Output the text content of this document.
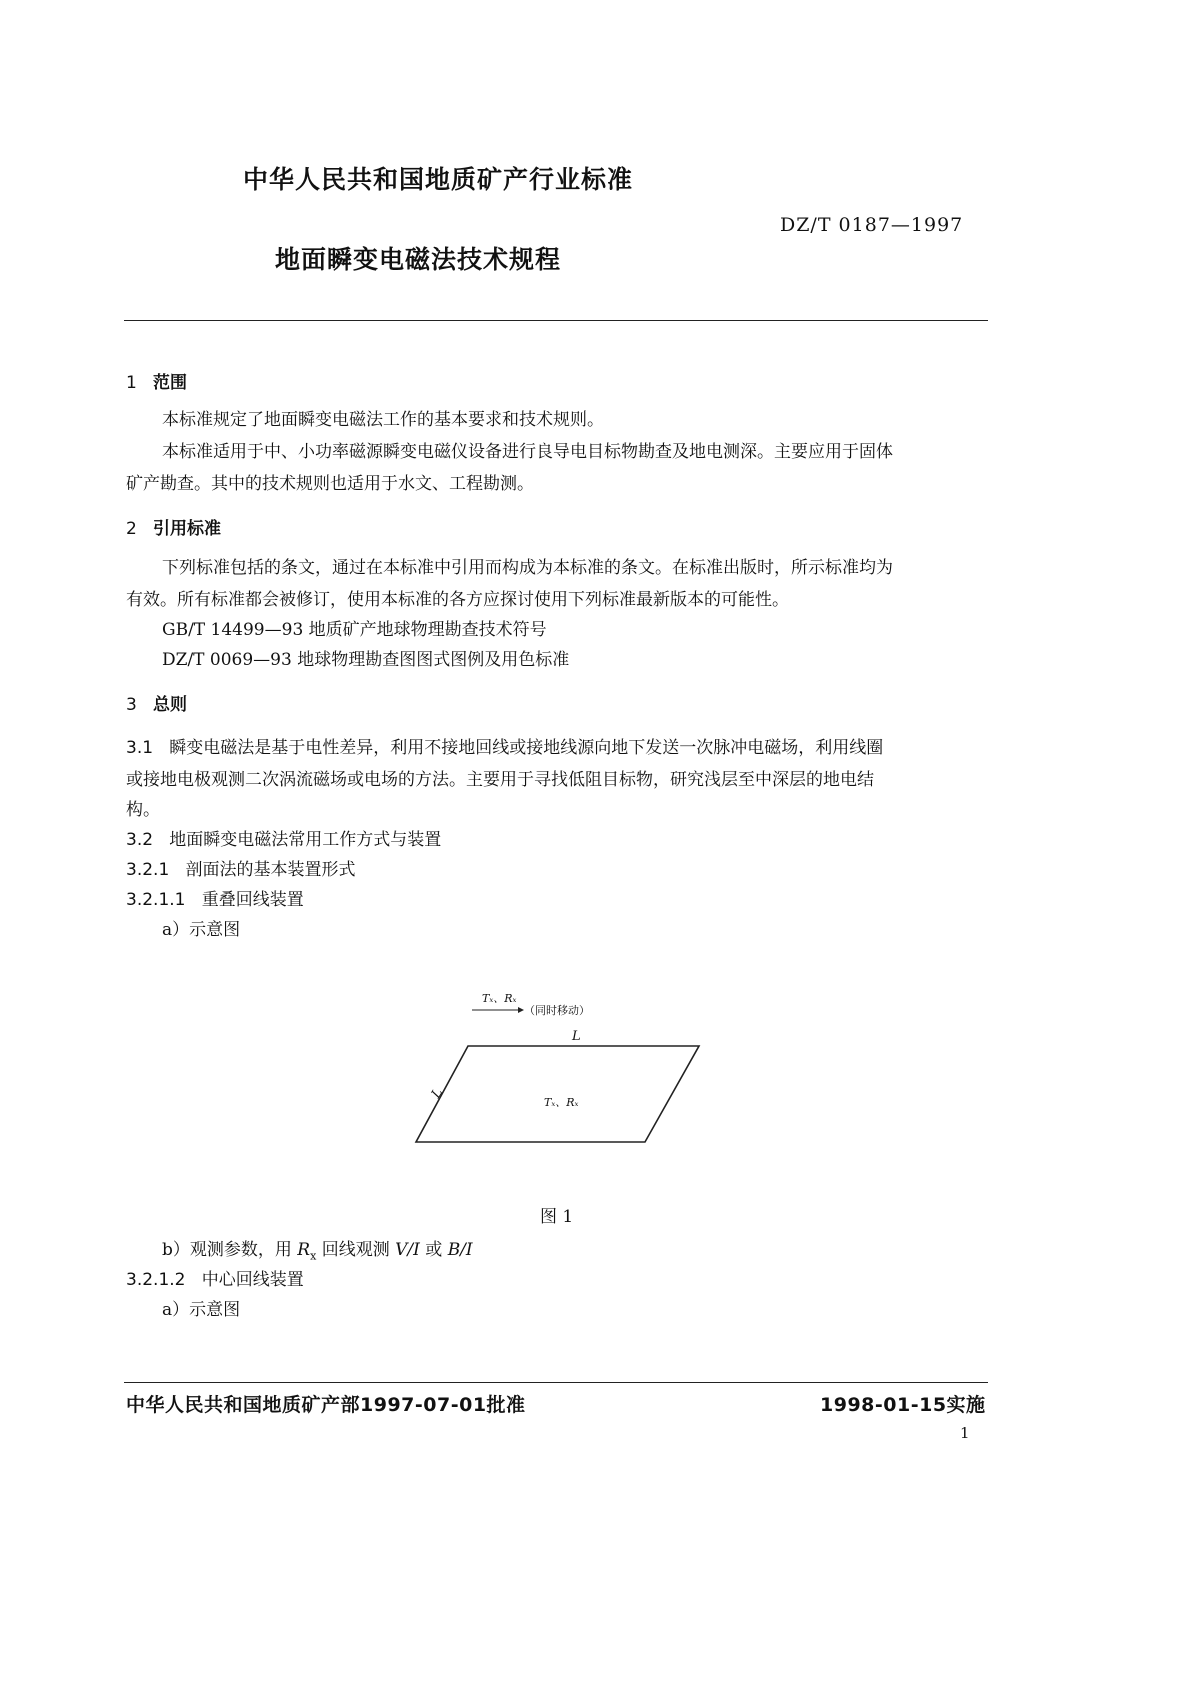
中华人民共和国地质矿产行业标准
DZ/T 0187—1997
地面瞬变电磁法技术规程
1 范围
本标准规定了地面瞬变电磁法工作的基本要求和技术规则。
本标准适用于中、小功率磁源瞬变电磁仪设备进行良导电目标物勘查及地电测深。主要应用于固体
矿产勘查。其中的技术规则也适用于水文、工程勘测。
2 引用标准
下列标准包括的条文，通过在本标准中引用而构成为本标准的条文。在标准出版时，所示标准均为
有效。所有标准都会被修订，使用本标准的各方应探讨使用下列标准最新版本的可能性。
GB/T 14499—93 地质矿产地球物理勘查技术符号
DZ/T 0069—93 地球物理勘查图图式图例及用色标准
3 总则
3.1 瞬变电磁法是基于电性差异，利用不接地回线或接地线源向地下发送一次脉冲电磁场，利用线圈
或接地电极观测二次涡流磁场或电场的方法。主要用于寻找低阻目标物，研究浅层至中深层的地电结
构。
3.2 地面瞬变电磁法常用工作方式与装置
3.2.1 剖面法的基本装置形式
3.2.1.1 重叠回线装置
a）示意图
Tₓ、Rₓ
（同时移动）
L
L
Tₓ、Rₓ
图 1
b）观测参数，用 $R_x$ 回线观测 V/I 或 B/I
3.2.1.2 中心回线装置
a）示意图
中华人民共和国地质矿产部1997-07-01批准	1998-01-15实施
1
